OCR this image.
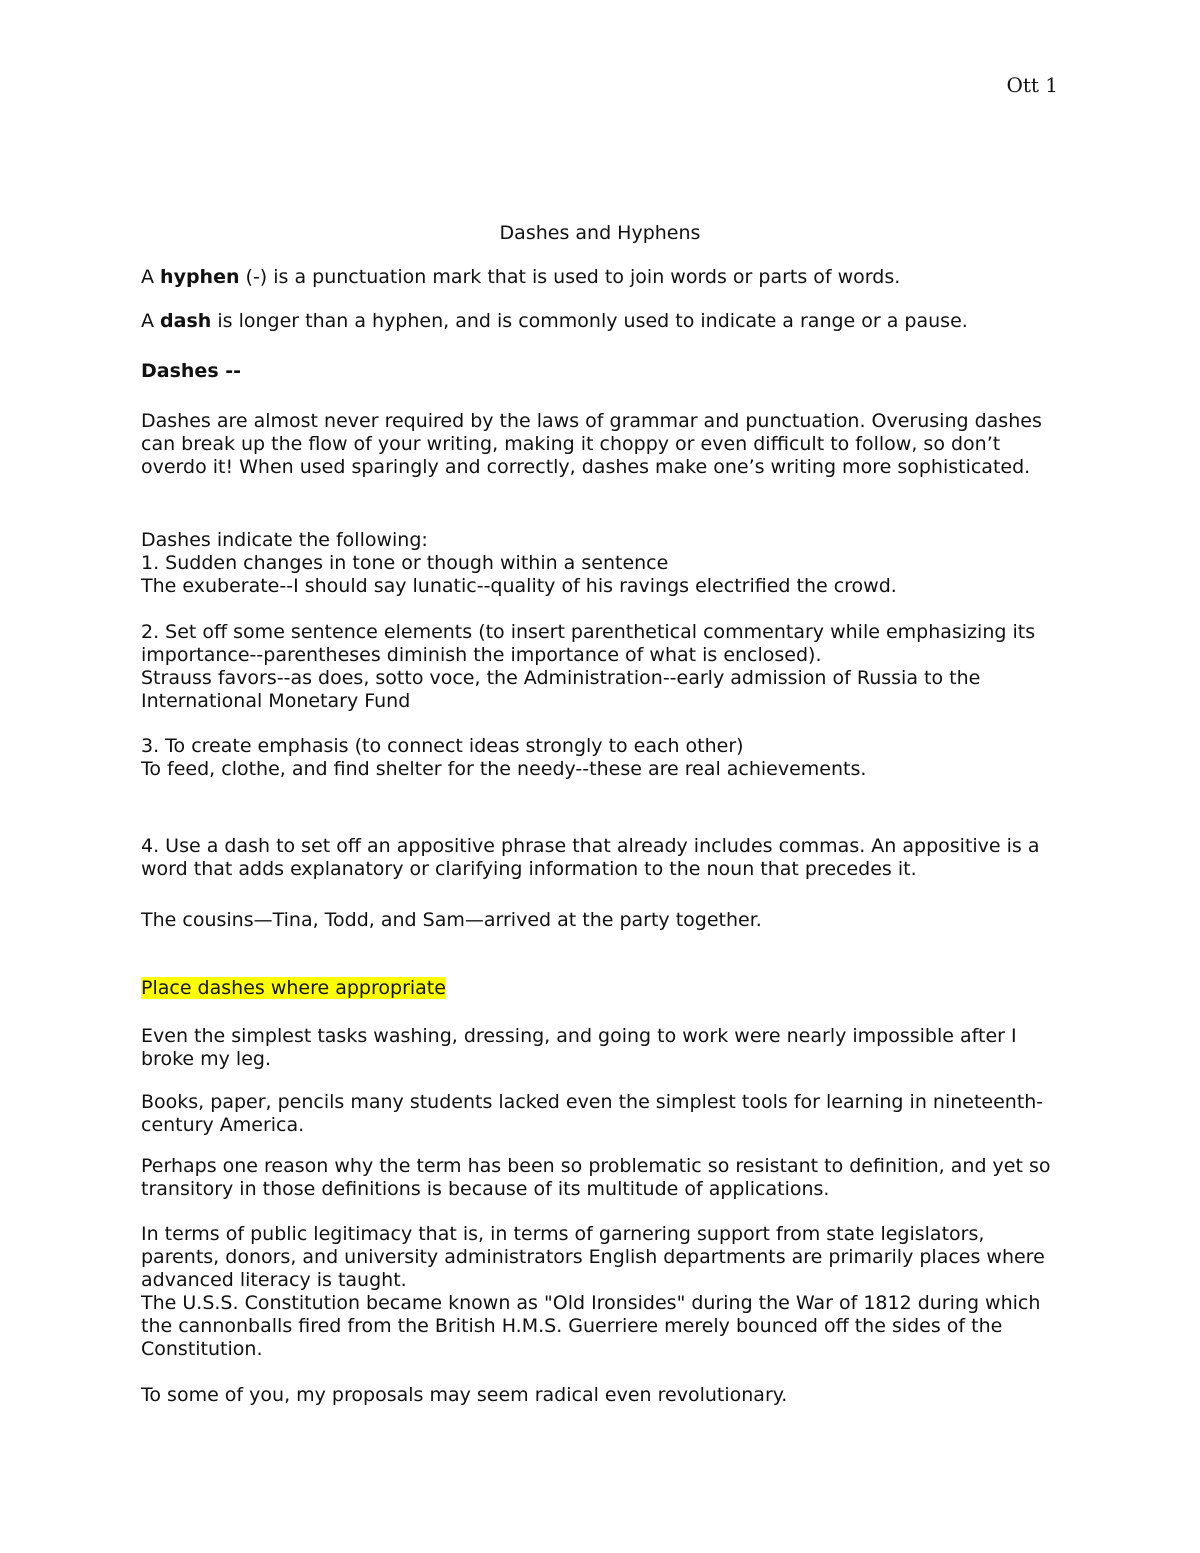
Ott 1
Dashes and Hyphens

A hyphen (-) is a punctuation mark that is used to join words or parts of words.

A dash is longer than a hyphen, and is commonly used to indicate a range or a pause.

Dashes --

Dashes are almost never required by the laws of grammar and punctuation. Overusing dashes can break up the flow of your writing, making it choppy or even difficult to follow, so don’t overdo it! When used sparingly and correctly, dashes make one’s writing more sophisticated.

Dashes indicate the following:

1. Sudden changes in tone or though within a sentence

The exuberate--I should say lunatic--quality of his ravings electrified the crowd.

2. Set off some sentence elements (to insert parenthetical commentary while emphasizing its importance--parentheses diminish the importance of what is enclosed).

Strauss favors--as does, sotto voce, the Administration--early admission of Russia to the International Monetary Fund

3. To create emphasis (to connect ideas strongly to each other)

To feed, clothe, and find shelter for the needy--these are real achievements.

4. Use a dash to set off an appositive phrase that already includes commas. An appositive is a word that adds explanatory or clarifying information to the noun that precedes it.

The cousins—Tina, Todd, and Sam—arrived at the party together.

Place dashes where appropriate

Even the simplest tasks washing, dressing, and going to work were nearly impossible after I broke my leg.

Books, paper, pencils many students lacked even the simplest tools for learning in nineteenth-century America.

Perhaps one reason why the term has been so problematic so resistant to definition, and yet so transitory in those definitions is because of its multitude of applications.

In terms of public legitimacy that is, in terms of garnering support from state legislators, parents, donors, and university administrators English departments are primarily places where advanced literacy is taught.

The U.S.S. Constitution became known as "Old Ironsides" during the War of 1812 during which the cannonballs fired from the British H.M.S. Guerriere merely bounced off the sides of the Constitution.

To some of you, my proposals may seem radical even revolutionary.
